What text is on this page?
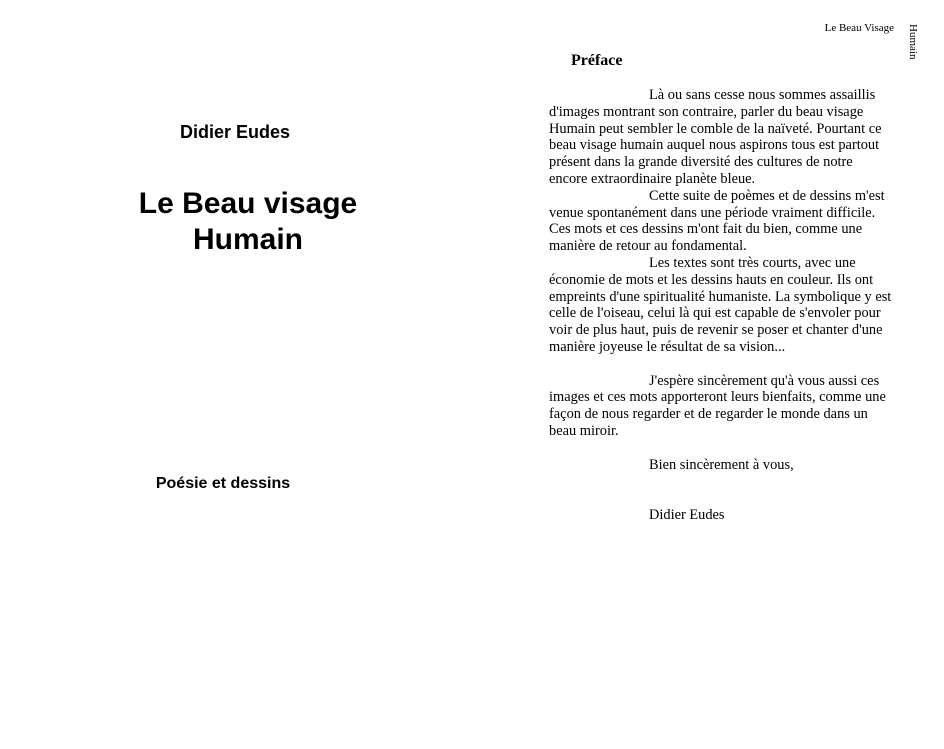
Didier Eudes
Le Beau visage
Humain
Poésie et dessins
Le Beau Visage Humain
Préface

Là ou sans cesse nous sommes assaillis d'images montrant son contraire, parler du beau visage Humain peut sembler le comble de la naïveté. Pourtant ce beau visage humain auquel nous aspirons tous est partout présent dans la grande diversité des cultures de notre encore extraordinaire planète bleue.

Cette suite de poèmes et de dessins m'est venue spontanément dans une période vraiment difficile. Ces mots et ces dessins m'ont fait du bien, comme une manière de retour au fondamental.

Les textes sont très courts, avec une économie de mots et les dessins hauts en couleur. Ils ont empreints d'une spiritualité humaniste. La symbolique y est celle de l'oiseau, celui là qui est capable de s'envoler pour voir de plus haut, puis de revenir se poser et chanter d'une manière joyeuse le résultat de sa vision...

J'espère sincèrement qu'à vous aussi ces images et ces mots apporteront leurs bienfaits, comme une façon de nous regarder et de regarder le monde dans un beau miroir.

Bien sincèrement à vous,
Didier Eudes
